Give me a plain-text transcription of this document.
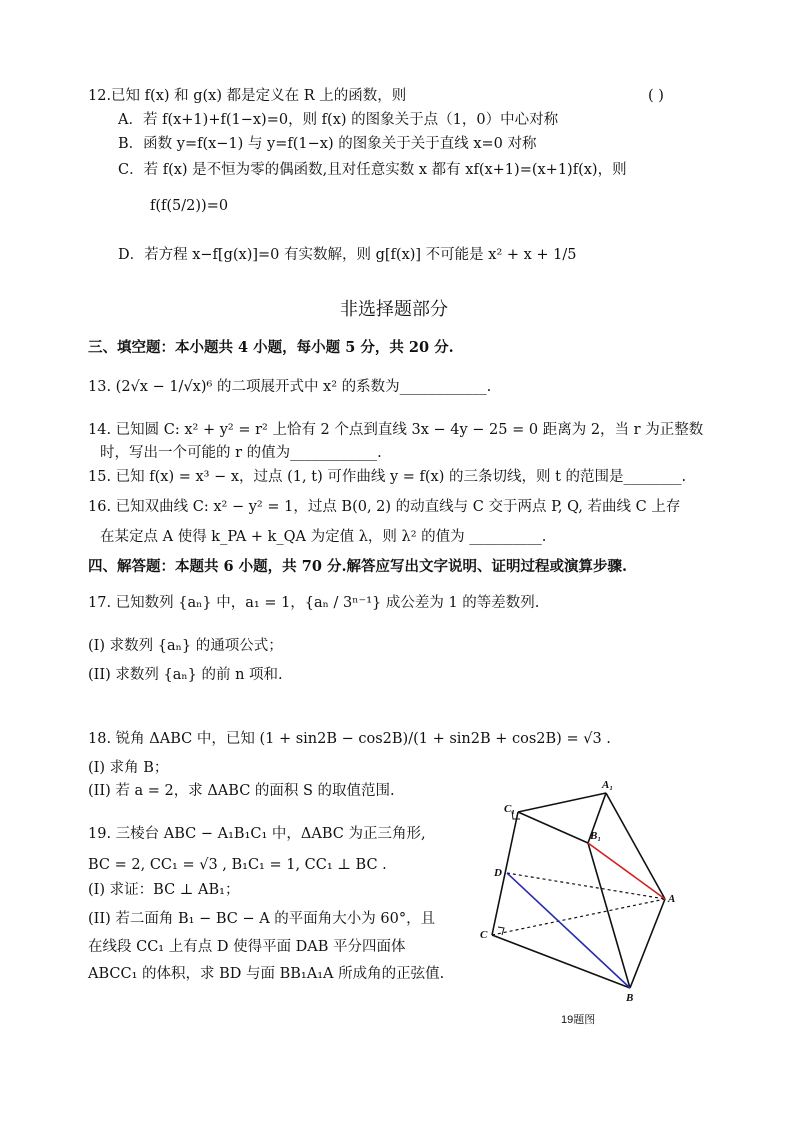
12.已知 f(x) 和 g(x) 都是定义在 R 上的函数，则	( )
A．若 f(x+1)+f(1−x)=0，则 f(x) 的图象关于点（1，0）中心对称
B．函数 y=f(x−1) 与 y=f(1−x) 的图象关于关于直线 x=0 对称
C．若 f(x) 是不恒为零的偶函数,且对任意实数 x 都有 xf(x+1)=(x+1)f(x)，则
f(f(5/2))=0
D．若方程 x−f[g(x)]=0 有实数解，则 g[f(x)] 不可能是 x² + x + 1/5
非选择题部分
三、填空题：本小题共 4 小题，每小题 5 分，共 20 分.
13. (2√x − 1/√x)⁶ 的二项展开式中 x² 的系数为____________.
14. 已知圆 C: x² + y² = r² 上恰有 2 个点到直线 3x − 4y − 25 = 0 距离为 2，当 r 为正整数
时，写出一个可能的 r 的值为____________.
15. 已知 f(x) = x³ − x，过点 (1, t) 可作曲线 y = f(x) 的三条切线，则 t 的范围是________.
16. 已知双曲线 C: x² − y² = 1，过点 B(0, 2) 的动直线与 C 交于两点 P, Q, 若曲线 C 上存
在某定点 A 使得 k_PA + k_QA 为定值 λ，则 λ² 的值为 __________.
四、解答题：本题共 6 小题，共 70 分.解答应写出文字说明、证明过程或演算步骤.
17. 已知数列 {aₙ} 中，a₁ = 1，{aₙ / 3ⁿ⁻¹} 成公差为 1 的等差数列.
(I) 求数列 {aₙ} 的通项公式；
(II) 求数列 {aₙ} 的前 n 项和.
18. 锐角 ΔABC 中，已知 (1 + sin2B − cos2B)/(1 + sin2B + cos2B) = √3 .
(I) 求角 B；
(II) 若 a = 2，求 ΔABC 的面积 S 的取值范围.
19. 三棱台 ABC − A₁B₁C₁ 中，ΔABC 为正三角形,
BC = 2, CC₁ = √3 , B₁C₁ = 1, CC₁ ⊥ BC .
(I) 求证：BC ⊥ AB₁；
(II) 若二面角 B₁ − BC − A 的平面角大小为 60°，且
在线段 CC₁ 上有点 D 使得平面 DAB 平分四面体
ABCC₁ 的体积，求 BD 与面 BB₁A₁A 所成角的正弦值.
A₁
C₁
B₁
D
A
C
B
19题图
